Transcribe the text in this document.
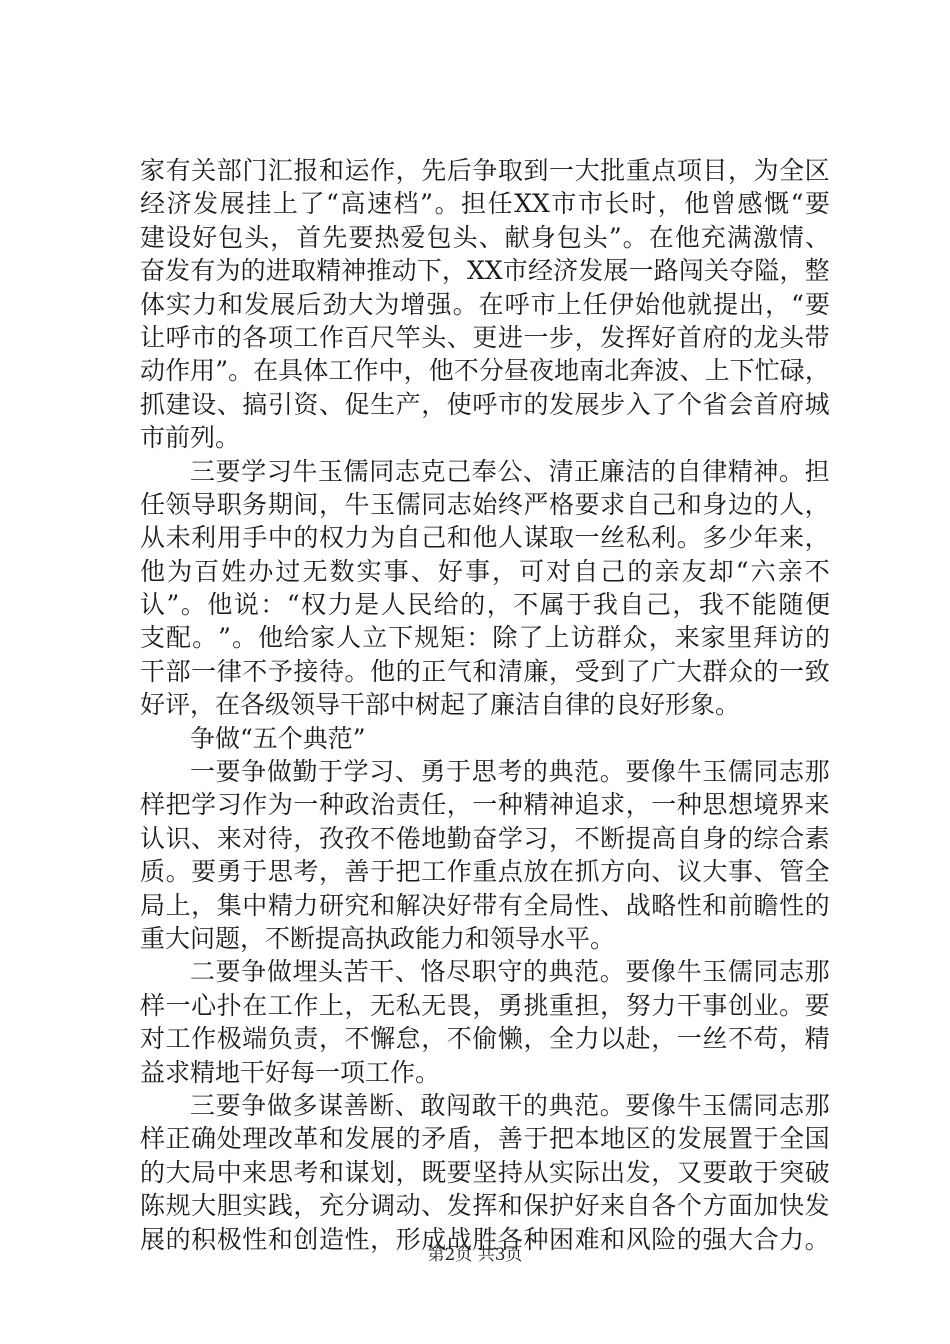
家 有 关 部 门 汇 报 和 运 作 ， 先 后 争 取 到 一 大 批 重 点 项 目 ， 为 全 区
经 济 发 展 挂 上 了 “ 高 速 档 ” 。 担 任 XX 市 市 长 时 ， 他 曾 感 慨 “ 要
建 设 好 包 头 ， 首 先 要 热 爱 包 头 、 献 身 包 头 ” 。 在 他 充 满 激 情 、
奋 发 有 为 的 进 取 精 神 推 动 下 ， XX 市 经 济 发 展 一 路 闯 关 夺 隘 ， 整
体 实 力 和 发 展 后 劲 大 为 增 强 。 在 呼 市 上 任 伊 始 他 就 提 出 ， “ 要
让 呼 市 的 各 项 工 作 百 尺 竿 头 、 更 进 一 步 ， 发 挥 好 首 府 的 龙 头 带
动 作 用 ” 。 在 具 体 工 作 中 ， 他 不 分 昼 夜 地 南 北 奔 波 、 上 下 忙 碌 ，
抓 建 设 、 搞 引 资 、 促 生 产 ， 使 呼 市 的 发 展 步 入 了 个 省 会 首 府 城
市前列。
三 要 学 习 牛 玉 儒 同 志 克 己 奉 公 、 清 正 廉 洁 的 自 律 精 神 。 担
任 领 导 职 务 期 间 ， 牛 玉 儒 同 志 始 终 严 格 要 求 自 己 和 身 边 的 人 ，
从 未 利 用 手 中 的 权 力 为 自 己 和 他 人 谋 取 一 丝 私 利 。 多 少 年 来 ，
他 为 百 姓 办 过 无 数 实 事 、 好 事 ， 可 对 自 己 的 亲 友 却 “ 六 亲 不
认 ” 。 他 说 ： “ 权 力 是 人 民 给 的 ， 不 属 于 我 自 己 ， 我 不 能 随 便
支 配 。 ” 。 他 给 家 人 立 下 规 矩 ： 除 了 上 访 群 众 ， 来 家 里 拜 访 的
干 部 一 律 不 予 接 待 。 他 的 正 气 和 清 廉 ， 受 到 了 广 大 群 众 的 一 致
好评，在各级领导干部中树起了廉洁自律的良好形象。
争做“五个典范”
一 要 争 做 勤 于 学 习 、 勇 于 思 考 的 典 范 。 要 像 牛 玉 儒 同 志 那
样 把 学 习 作 为 一 种 政 治 责 任 ， 一 种 精 神 追 求 ， 一 种 思 想 境 界 来
认 识 、 来 对 待 ， 孜 孜 不 倦 地 勤 奋 学 习 ， 不 断 提 高 自 身 的 综 合 素
质 。 要 勇 于 思 考 ， 善 于 把 工 作 重 点 放 在 抓 方 向 、 议 大 事 、 管 全
局 上 ， 集 中 精 力 研 究 和 解 决 好 带 有 全 局 性 、 战 略 性 和 前 瞻 性 的
重大问题，不断提高执政能力和领导水平。
二 要 争 做 埋 头 苦 干 、 恪 尽 职 守 的 典 范 。 要 像 牛 玉 儒 同 志 那
样 一 心 扑 在 工 作 上 ， 无 私 无 畏 ， 勇 挑 重 担 ， 努 力 干 事 创 业 。 要
对 工 作 极 端 负 责 ， 不 懈 怠 ， 不 偷 懒 ， 全 力 以 赴 ， 一 丝 不 苟 ， 精
益求精地干好每一项工作。
三 要 争 做 多 谋 善 断 、 敢 闯 敢 干 的 典 范 。 要 像 牛 玉 儒 同 志 那
样 正 确 处 理 改 革 和 发 展 的 矛 盾 ， 善 于 把 本 地 区 的 发 展 置 于 全 国
的 大 局 中 来 思 考 和 谋 划 ， 既 要 坚 持 从 实 际 出 发 ， 又 要 敢 于 突 破
陈 规 大 胆 实 践 ， 充 分 调 动 、 发 挥 和 保 护 好 来 自 各 个 方 面 加 快 发
展 的 积 极 性 和 创 造 性 ， 形 成 战 胜 各 种 困 难 和 风 险 的 强 大 合 力 。
第2页 共3页
